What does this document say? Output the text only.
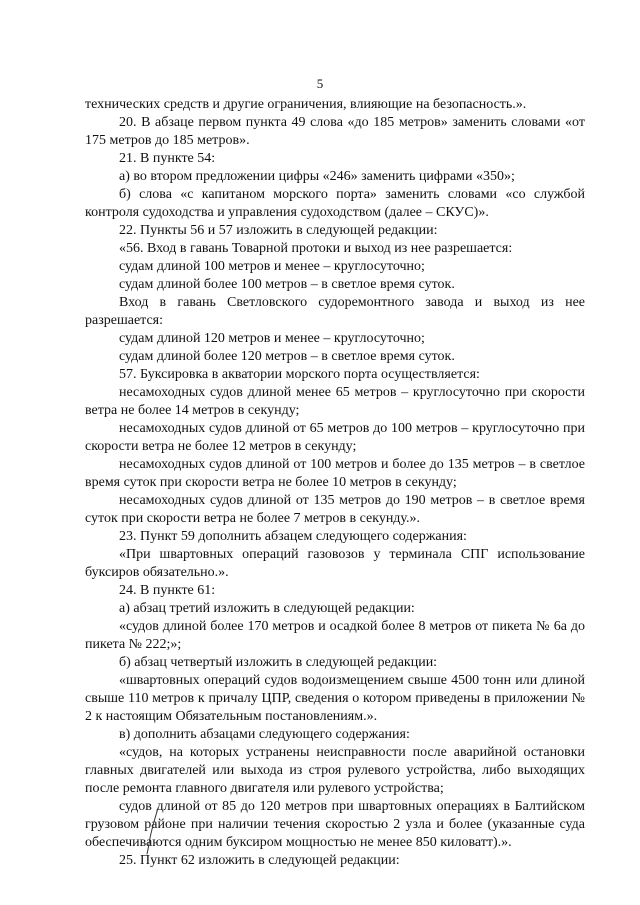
5

технических средств и другие ограничения, влияющие на безопасность.».

20. В абзаце первом пункта 49 слова «до 185 метров» заменить словами «от 175 метров до 185 метров».

21. В пункте 54:

а) во втором предложении цифры «246» заменить цифрами «350»;

б) слова «с капитаном морского порта» заменить словами «со службой контроля судоходства и управления судоходством (далее – СКУС)».

22. Пункты 56 и 57 изложить в следующей редакции:

«56. Вход в гавань Товарной протоки и выход из нее разрешается:

судам длиной 100 метров и менее – круглосуточно;

судам длиной более 100 метров – в светлое время суток.

Вход в гавань Светловского судоремонтного завода и выход из нее разрешается:

судам длиной 120 метров и менее – круглосуточно;

судам длиной более 120 метров – в светлое время суток.

57. Буксировка в акватории морского порта осуществляется:

несамоходных судов длиной менее 65 метров – круглосуточно при скорости ветра не более 14 метров в секунду;

несамоходных судов длиной от 65 метров до 100 метров – круглосуточно при скорости ветра не более 12 метров в секунду;

несамоходных судов длиной от 100 метров и более до 135 метров – в светлое время суток при скорости ветра не более 10 метров в секунду;

несамоходных судов длиной от 135 метров до 190 метров – в светлое время суток при скорости ветра не более 7 метров в секунду.».

23. Пункт 59 дополнить абзацем следующего содержания:

«При швартовных операций газовозов у терминала СПГ использование буксиров обязательно.».

24. В пункте 61:

а) абзац третий изложить в следующей редакции:

«судов длиной более 170 метров и осадкой более 8 метров от пикета № 6а до пикета № 222;»;

б) абзац четвертый изложить в следующей редакции:

«швартовных операций судов водоизмещением свыше 4500 тонн или длиной свыше 110 метров к причалу ЦПР, сведения о котором приведены в приложении № 2 к настоящим Обязательным постановлениям.».

в) дополнить абзацами следующего содержания:

«судов, на которых устранены неисправности после аварийной остановки главных двигателей или выхода из строя рулевого устройства, либо выходящих после ремонта главного двигателя или рулевого устройства;

судов длиной от 85 до 120 метров при швартовных операциях в Балтийском грузовом районе при наличии течения скоростью 2 узла и более (указанные суда обеспечиваются одним буксиром мощностью не менее 850 киловатт).».

25. Пункт 62 изложить в следующей редакции:
